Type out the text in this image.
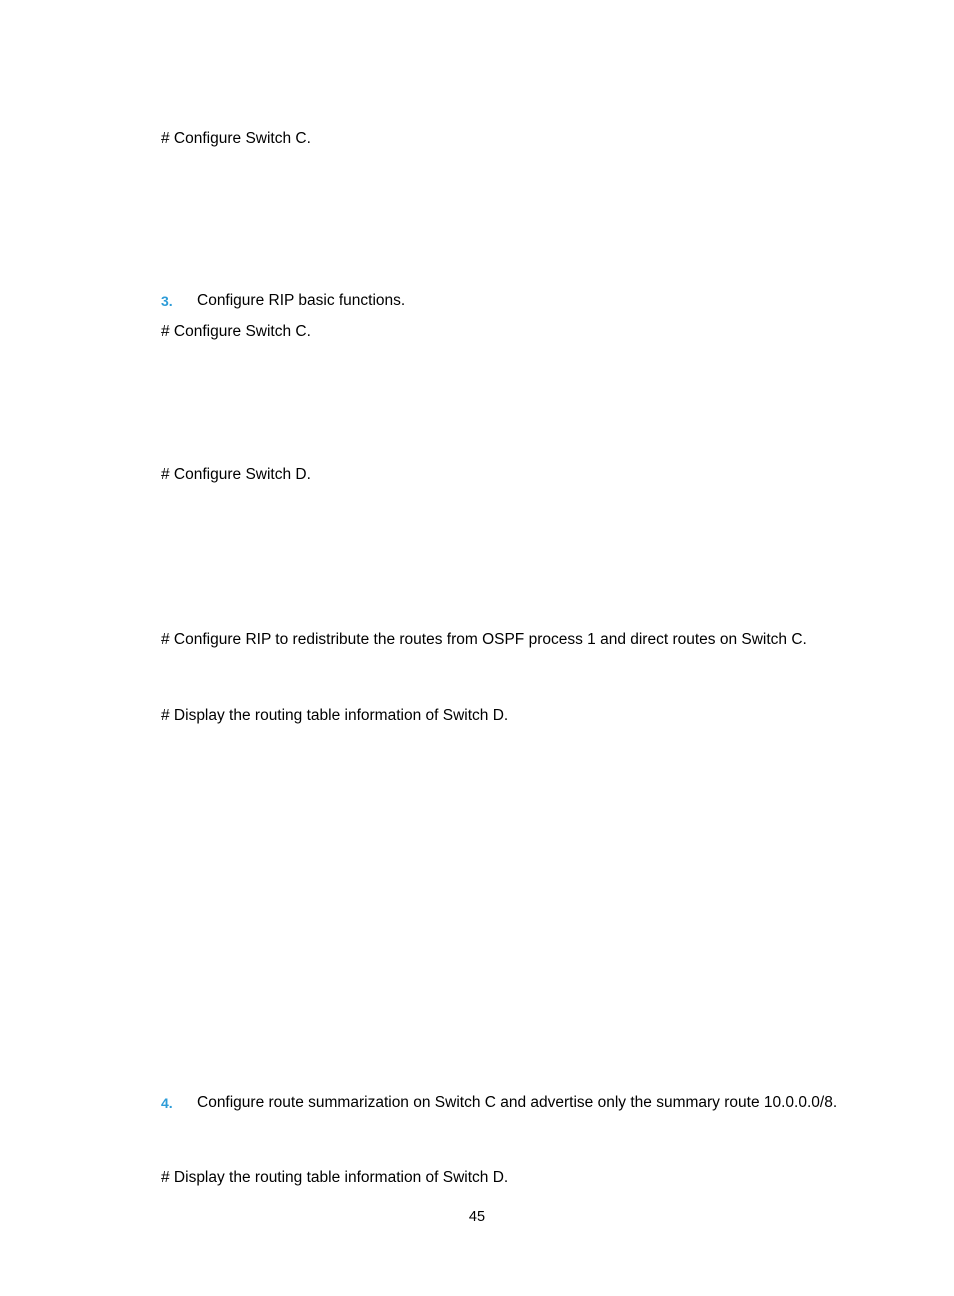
# Configure Switch C.

3. Configure RIP basic functions.

# Configure Switch C.

# Configure Switch D.

# Configure RIP to redistribute the routes from OSPF process 1 and direct routes on Switch C.

# Display the routing table information of Switch D.

4. Configure route summarization on Switch C and advertise only the summary route 10.0.0.0/8.

# Display the routing table information of Switch D.

45
